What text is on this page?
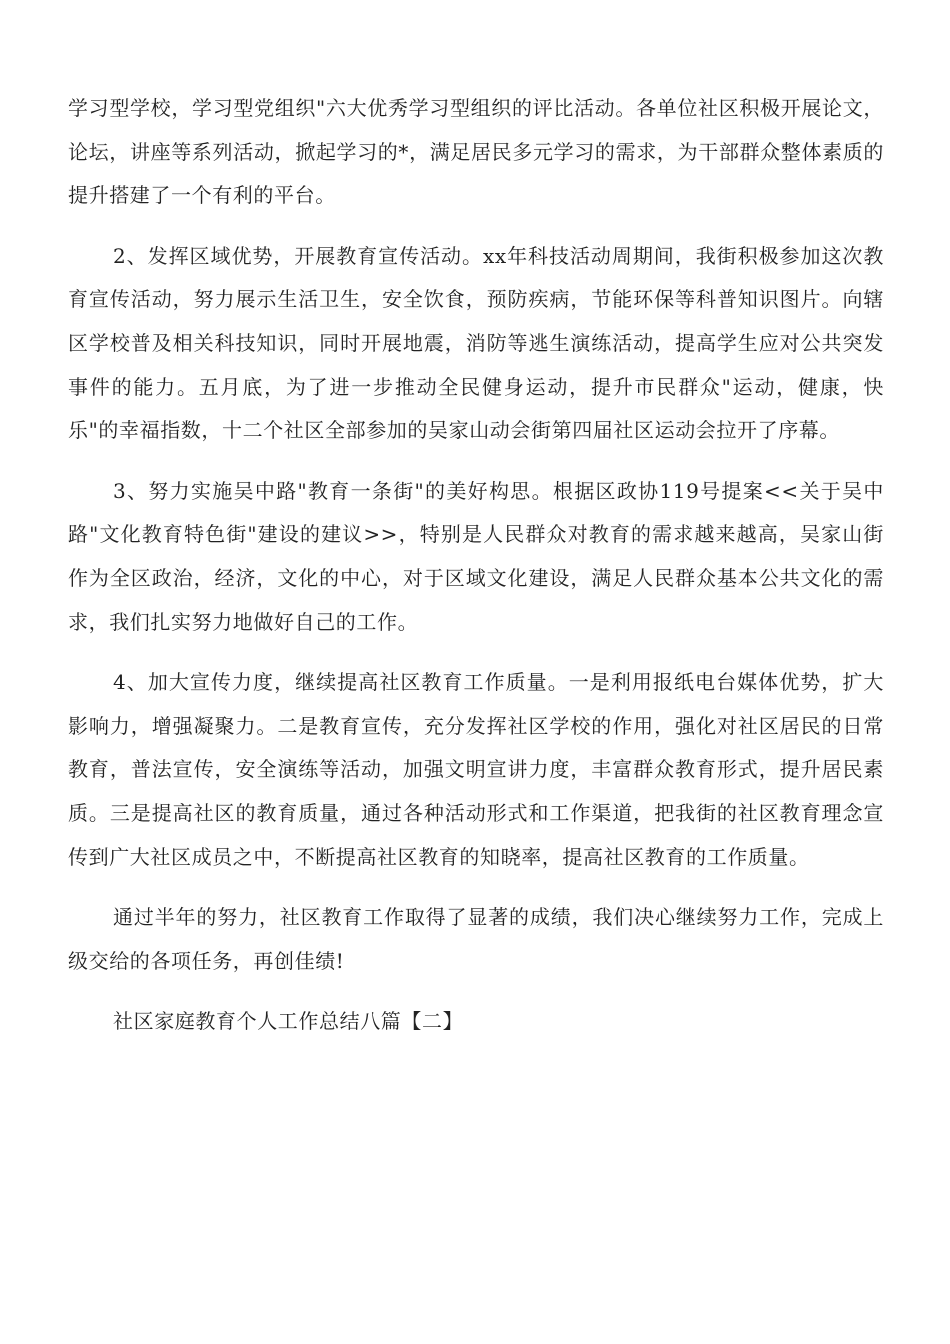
学习型学校，学习型党组织"六大优秀学习型组织的评比活动。各单位社区积极开展论文，论坛，讲座等系列活动，掀起学习的*，满足居民多元学习的需求，为干部群众整体素质的提升搭建了一个有利的平台。

2、发挥区域优势，开展教育宣传活动。xx年科技活动周期间，我街积极参加这次教育宣传活动，努力展示生活卫生，安全饮食，预防疾病，节能环保等科普知识图片。向辖区学校普及相关科技知识，同时开展地震，消防等逃生演练活动，提高学生应对公共突发事件的能力。五月底，为了进一步推动全民健身运动，提升市民群众"运动，健康，快乐"的幸福指数，十二个社区全部参加的吴家山动会街第四届社区运动会拉开了序幕。

3、努力实施吴中路"教育一条街"的美好构思。根据区政协119号提案<<关于吴中路"文化教育特色街"建设的建议>>，特别是人民群众对教育的需求越来越高，吴家山街作为全区政治，经济，文化的中心，对于区域文化建设，满足人民群众基本公共文化的需求，我们扎实努力地做好自己的工作。

4、加大宣传力度，继续提高社区教育工作质量。一是利用报纸电台媒体优势，扩大影响力，增强凝聚力。二是教育宣传，充分发挥社区学校的作用，强化对社区居民的日常教育，普法宣传，安全演练等活动，加强文明宣讲力度，丰富群众教育形式，提升居民素质。三是提高社区的教育质量，通过各种活动形式和工作渠道，把我街的社区教育理念宣传到广大社区成员之中，不断提高社区教育的知晓率，提高社区教育的工作质量。

通过半年的努力，社区教育工作取得了显著的成绩，我们决心继续努力工作，完成上级交给的各项任务，再创佳绩!

社区家庭教育个人工作总结八篇【二】
